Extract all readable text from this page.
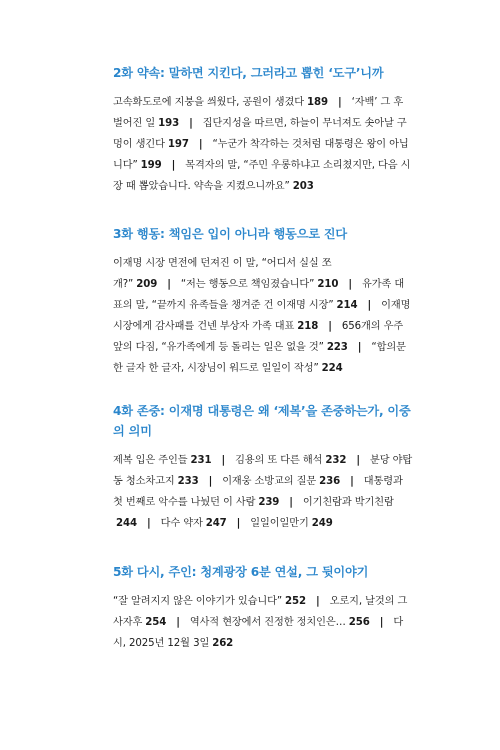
2화 약속: 말하면 지킨다, 그러라고 뽑힌 ‘도구’니까

고속화도로에 지붕을 씌웠다, 공원이 생겼다 189 | ‘자백’ 그 후 벌어진 일 193 | 집단지성을 따르면, 하늘이 무너져도 솟아날 구멍이 생긴다 197 | “누군가 착각하는 것처럼 대통령은 왕이 아닙니다” 199 | 목격자의 말, “주민 우롱하냐고 소리쳤지만, 다음 시장 때 뽑았습니다. 약속을 지켰으니까요” 203

3화 행동: 책임은 입이 아니라 행동으로 진다

이재명 시장 면전에 던져진 이 말, “어디서 실실 쪼개?” 209 | “저는 행동으로 책임졌습니다” 210 | 유가족 대표의 말, “끝까지 유족들을 챙겨준 건 이재명 시장” 214 | 이재명 시장에게 감사패를 건넨 부상자 가족 대표 218 | 656개의 우주 앞의 다짐, “유가족에게 등 돌리는 일은 없을 것” 223 | “합의문 한 글자 한 글자, 시장님이 워드로 일일이 작성” 224

4화 존중: 이재명 대통령은 왜 ‘제복’을 존중하는가, 이중의 의미

제복 입은 주인들 231 | 김용의 또 다른 해석 232 | 분당 야탑동 청소차고지 233 | 이재웅 소방교의 질문 236 | 대통령과 첫 번째로 악수를 나눴던 이 사람 239 | 이기친람과 박기친람244 | 다수 약자 247 | 일일이일만기 249

5화 다시, 주인: 청계광장 6분 연설, 그 뒷이야기

“잘 알려지지 않은 이야기가 있습니다” 252 | 오로지, 날것의 그 사자후 254 | 역사적 현장에서 진정한 정치인은… 256 | 다시, 2025년 12월 3일 262
